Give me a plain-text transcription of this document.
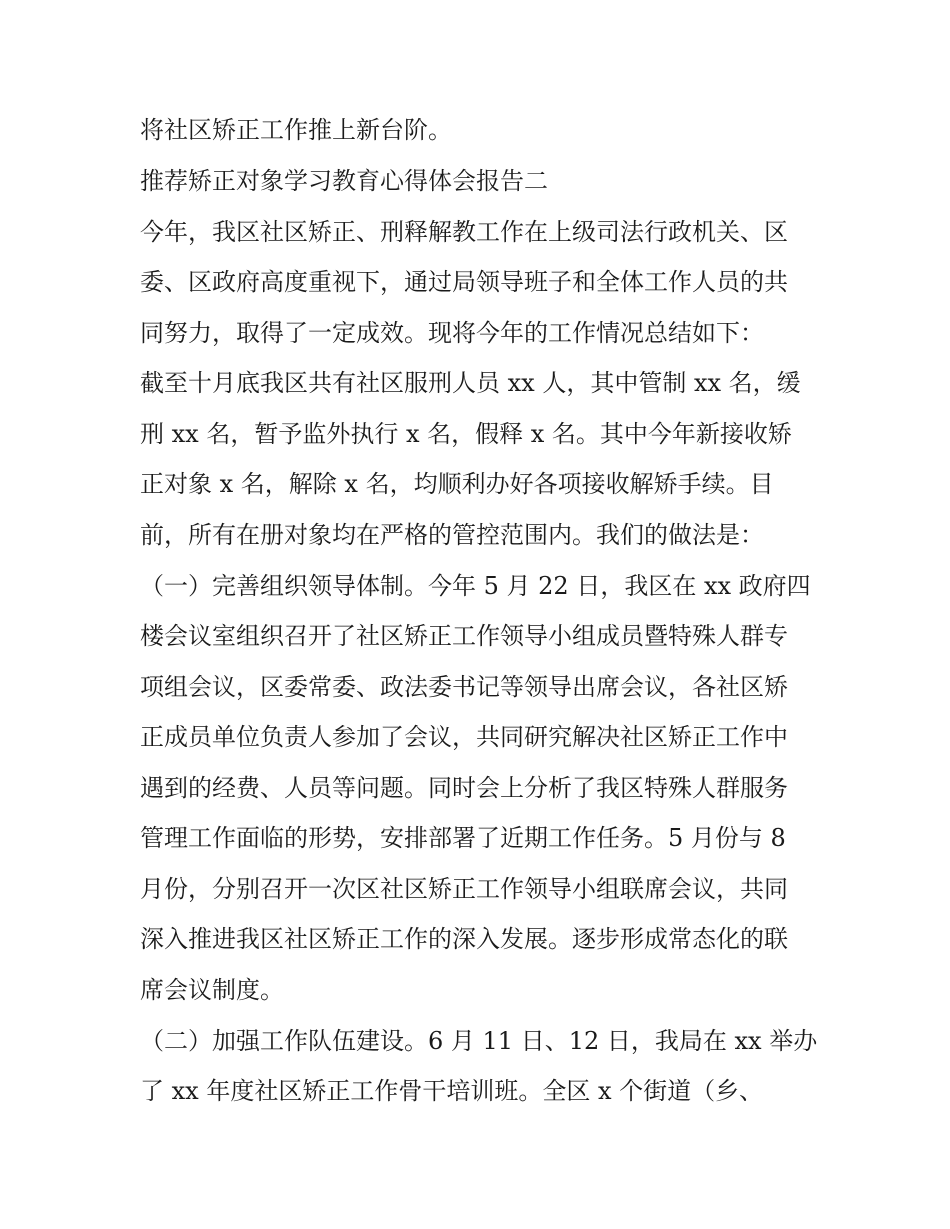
将社区矫正工作推上新台阶。
推荐矫正对象学习教育心得体会报告二
今年，我区社区矫正、刑释解教工作在上级司法行政机关、区
委、区政府高度重视下，通过局领导班子和全体工作人员的共
同努力，取得了一定成效。现将今年的工作情况总结如下：
截至十月底我区共有社区服刑人员 xx 人，其中管制 xx 名，缓
刑 xx 名，暂予监外执行 x 名，假释 x 名。其中今年新接收矫
正对象 x 名，解除 x 名，均顺利办好各项接收解矫手续。目
前，所有在册对象均在严格的管控范围内。我们的做法是：
（一）完善组织领导体制。今年 5 月 22 日，我区在 xx 政府四
楼会议室组织召开了社区矫正工作领导小组成员暨特殊人群专
项组会议，区委常委、政法委书记等领导出席会议，各社区矫
正成员单位负责人参加了会议，共同研究解决社区矫正工作中
遇到的经费、人员等问题。同时会上分析了我区特殊人群服务
管理工作面临的形势，安排部署了近期工作任务。5 月份与 8
月份，分别召开一次区社区矫正工作领导小组联席会议，共同
深入推进我区社区矫正工作的深入发展。逐步形成常态化的联
席会议制度。
（二）加强工作队伍建设。6 月 11 日、12 日，我局在 xx 举办
了 xx 年度社区矫正工作骨干培训班。全区 x 个街道（乡、
